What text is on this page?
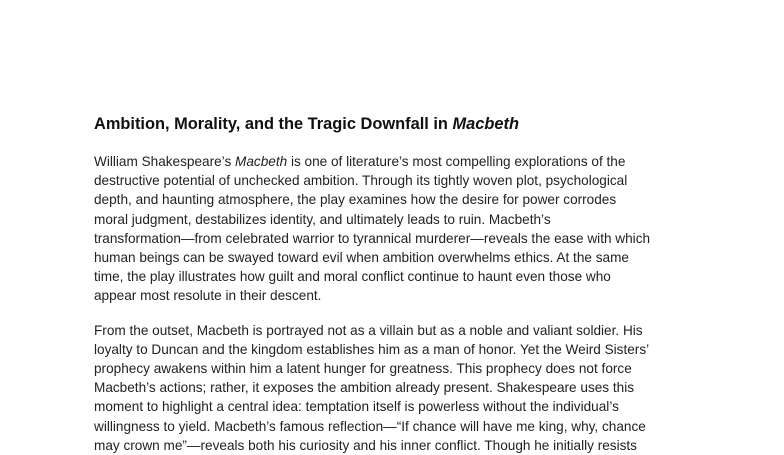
Ambition, Morality, and the Tragic Downfall in Macbeth

William Shakespeare’s Macbeth is one of literature’s most compelling explorations of the
destructive potential of unchecked ambition. Through its tightly woven plot, psychological
depth, and haunting atmosphere, the play examines how the desire for power corrodes
moral judgment, destabilizes identity, and ultimately leads to ruin. Macbeth’s
transformation—from celebrated warrior to tyrannical murderer—reveals the ease with which
human beings can be swayed toward evil when ambition overwhelms ethics. At the same
time, the play illustrates how guilt and moral conflict continue to haunt even those who
appear most resolute in their descent.

From the outset, Macbeth is portrayed not as a villain but as a noble and valiant soldier. His
loyalty to Duncan and the kingdom establishes him as a man of honor. Yet the Weird Sisters’
prophecy awakens within him a latent hunger for greatness. This prophecy does not force
Macbeth’s actions; rather, it exposes the ambition already present. Shakespeare uses this
moment to highlight a central idea: temptation itself is powerless without the individual’s
willingness to yield. Macbeth’s famous reflection—“If chance will have me king, why, chance
may crown me”—reveals both his curiosity and his inner conflict. Though he initially resists
